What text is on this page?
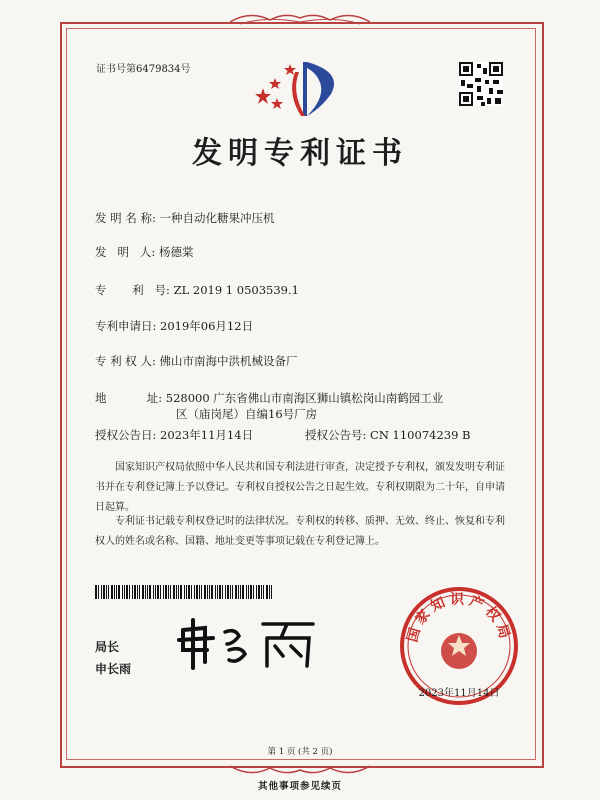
证书号第6479834号
发明专利证书
发 明 名 称: 一种自动化糖果冲压机
发   明   人: 杨德棠
专       利   号: ZL 2019 1 0503539.1
专利申请日: 2019年06月12日
专 利 权 人: 佛山市南海中洪机械设备厂
地           址: 528000 广东省佛山市南海区狮山镇松岗山南鹤园工业
区（庙岗尾）自编16号厂房
授权公告日: 2023年11月14日	授权公告号: CN 110074239 B
国家知识产权局依照中华人民共和国专利法进行审查，决定授予专利权，颁发发明专利证书并在专利登记簿上予以登记。专利权自授权公告之日起生效。专利权期限为二十年，自申请日起算。
专利证书记载专利权登记时的法律状况。专利权的转移、质押、无效、终止、恢复和专利权人的姓名或名称、国籍、地址变更等事项记载在专利登记簿上。
局长
申长雨
国家知识产权局
2023年11月14日
第 1 页 (共 2 页)
其他事项参见续页
